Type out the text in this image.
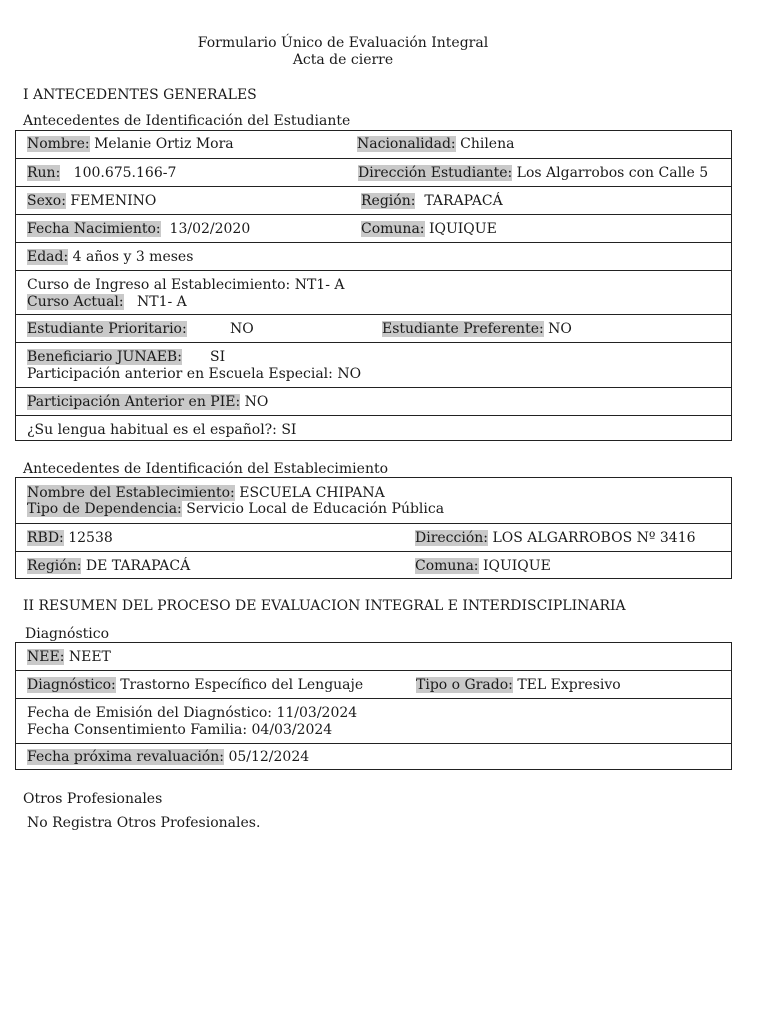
Formulario Único de Evaluación Integral
Acta de cierre
I ANTECEDENTES GENERALES
Antecedentes de Identificación del Estudiante
Nombre: Melanie Ortiz Mora	Nacionalidad: Chilena
Run: 100.675.166-7	Dirección Estudiante: Los Algarrobos con Calle 5
Sexo: FEMENINO	Región: TARAPACÁ
Fecha Nacimiento: 13/02/2020	Comuna: IQUIQUE
Edad: 4 años y 3 meses
Curso de Ingreso al Establecimiento: NT1- A
Curso Actual: NT1- A
Estudiante Prioritario:	NO	Estudiante Preferente: NO
Beneficiario JUNAEB: SI
Participación anterior en Escuela Especial: NO
Participación Anterior en PIE: NO
¿Su lengua habitual es el español?: SI
Antecedentes de Identificación del Establecimiento
Nombre del Establecimiento: ESCUELA CHIPANA
Tipo de Dependencia: Servicio Local de Educación Pública
RBD: 12538	Dirección: LOS ALGARROBOS Nº 3416
Región: DE TARAPACÁ	Comuna: IQUIQUE
II RESUMEN DEL PROCESO DE EVALUACION INTEGRAL E INTERDISCIPLINARIA
Diagnóstico
NEE: NEET
Diagnóstico: Trastorno Específico del Lenguaje	Tipo o Grado: TEL Expresivo
Fecha de Emisión del Diagnóstico: 11/03/2024
Fecha Consentimiento Familia: 04/03/2024
Fecha próxima revaluación: 05/12/2024
Otros Profesionales
No Registra Otros Profesionales.
